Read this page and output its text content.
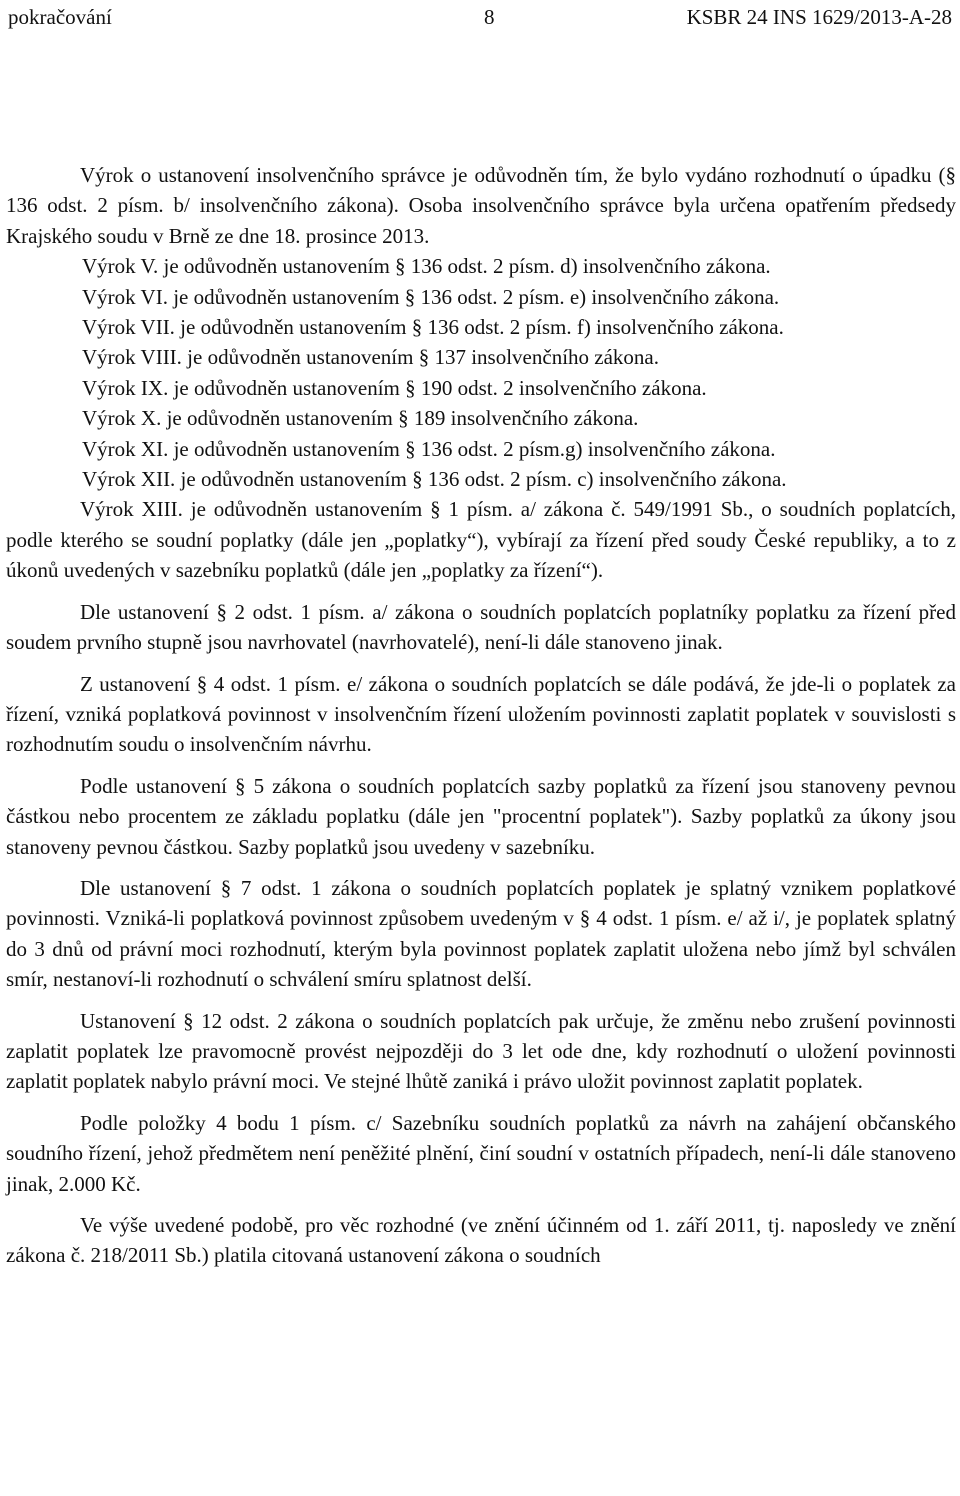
pokračování	8	KSBR 24 INS 1629/2013-A-28

Výrok o ustanovení insolvenčního správce je odůvodněn tím, že bylo vydáno rozhodnutí o úpadku (§ 136 odst. 2 písm. b/ insolvenčního zákona). Osoba insolvenčního správce byla určena opatřením předsedy Krajského soudu v Brně ze dne 18. prosince 2013.

Výrok V. je odůvodněn ustanovením § 136 odst. 2 písm. d) insolvenčního zákona.

Výrok VI. je odůvodněn ustanovením § 136 odst. 2 písm. e) insolvenčního zákona.

Výrok VII. je odůvodněn ustanovením § 136 odst. 2 písm. f) insolvenčního zákona.

Výrok VIII. je odůvodněn ustanovením § 137 insolvenčního zákona.

Výrok IX. je odůvodněn ustanovením § 190 odst. 2 insolvenčního zákona.

Výrok X. je odůvodněn ustanovením § 189 insolvenčního zákona.

Výrok XI. je odůvodněn ustanovením § 136 odst. 2 písm.g) insolvenčního zákona.

Výrok XII. je odůvodněn ustanovením § 136 odst. 2 písm. c) insolvenčního zákona.

Výrok XIII. je odůvodněn ustanovením § 1 písm. a/ zákona č. 549/1991 Sb., o soudních poplatcích, podle kterého se soudní poplatky (dále jen „poplatky“), vybírají za řízení před soudy České republiky, a to z úkonů uvedených v sazebníku poplatků (dále jen „poplatky za řízení“).

Dle ustanovení § 2 odst. 1 písm. a/ zákona o soudních poplatcích poplatníky poplatku za řízení před soudem prvního stupně jsou navrhovatel (navrhovatelé), není-li dále stanoveno jinak.

Z ustanovení § 4 odst. 1 písm. e/ zákona o soudních poplatcích se dále podává, že jde-li o poplatek za řízení, vzniká poplatková povinnost v insolvenčním řízení uložením povinnosti zaplatit poplatek v souvislosti s rozhodnutím soudu o insolvenčním návrhu.

Podle ustanovení § 5 zákona o soudních poplatcích sazby poplatků za řízení jsou stanoveny pevnou částkou nebo procentem ze základu poplatku (dále jen "procentní poplatek"). Sazby poplatků za úkony jsou stanoveny pevnou částkou. Sazby poplatků jsou uvedeny v sazebníku.

Dle ustanovení § 7 odst. 1 zákona o soudních poplatcích poplatek je splatný vznikem poplatkové povinnosti. Vzniká-li poplatková povinnost způsobem uvedeným v § 4 odst. 1 písm. e/ až i/, je poplatek splatný do 3 dnů od právní moci rozhodnutí, kterým byla povinnost poplatek zaplatit uložena nebo jímž byl schválen smír, nestanoví-li rozhodnutí o schválení smíru splatnost delší.

Ustanovení § 12 odst. 2 zákona o soudních poplatcích pak určuje, že změnu nebo zrušení povinnosti zaplatit poplatek lze pravomocně provést nejpozději do 3 let ode dne, kdy rozhodnutí o uložení povinnosti zaplatit poplatek nabylo právní moci. Ve stejné lhůtě zaniká i právo uložit povinnost zaplatit poplatek.

Podle položky 4 bodu 1 písm. c/ Sazebníku soudních poplatků za návrh na zahájení občanského soudního řízení, jehož předmětem není peněžité plnění, činí soudní v ostatních případech, není-li dále stanoveno jinak, 2.000 Kč.

Ve výše uvedené podobě, pro věc rozhodné (ve znění účinném od 1. září 2011, tj. naposledy ve znění zákona č. 218/2011 Sb.) platila citovaná ustanovení zákona o soudních
